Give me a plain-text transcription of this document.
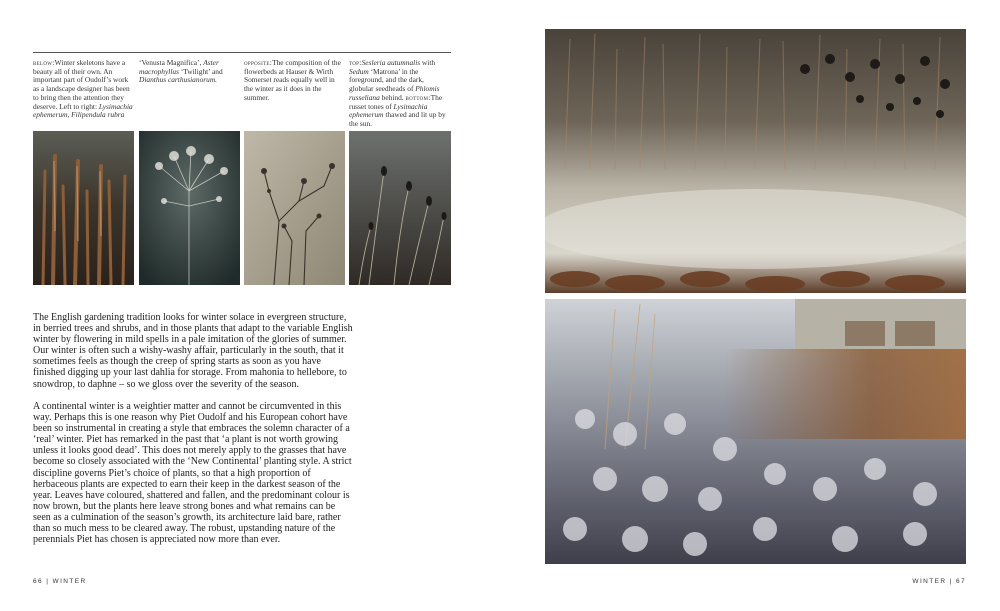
below:Winter skeletons have a beauty all of their own. An important part of Oudolf’s work as a landscape designer has been to bring then the attention they deserve. Left to right: Lysimachia ephemerum, Filipendula rubra
‘Venusta Magnifica’, Aster macrophyllus ‘Twilight’ and Dianthus carthusianorum.
opposite:The composition of the flowerbeds at Hauser & Wirth Somerset reads equally well in the winter as it does in the summer.
top:Sesleria autumnalis with Sedum ‘Matrona’ in the foreground, and the dark, globular seedheads of Phlomis russeliana behind. bottom:The russet tones of Lysimachia ephemerum thawed and lit up by the sun.

The English gardening tradition looks for winter solace in evergreen structure, in berried trees and shrubs, and in those plants that adapt to the variable English winter by flowering in mild spells in a pale imitation of the glories of summer. Our winter is often such a wishy-washy affair, particularly in the south, that it sometimes feels as though the creep of spring starts as soon as you have finished digging up your last dahlia for storage. From mahonia to hellebore, to snowdrop, to daphne – so we gloss over the severity of the season.

A continental winter is a weightier matter and cannot be circumvented in this way. Perhaps this is one reason why Piet Oudolf and his European cohort have been so instrumental in creating a style that embraces the solemn character of a ‘real’ winter. Piet has remarked in the past that ‘a plant is not worth growing unless it looks good dead’. This does not merely apply to the grasses that have become so closely associated with the ‘New Continental’ planting style. A strict discipline governs Piet’s choice of plants, so that a high proportion of herbaceous plants are expected to earn their keep in the darkest season of the year. Leaves have coloured, shattered and fallen, and the predominant colour is now brown, but the plants here leave strong bones and what remains can be seen as a culmination of the season’s growth, its architecture laid bare, rather than so much mess to be cleared away. The robust, upstanding nature of the perennials Piet has chosen is appreciated now more than ever.

66 | WINTER	WINTER | 67
